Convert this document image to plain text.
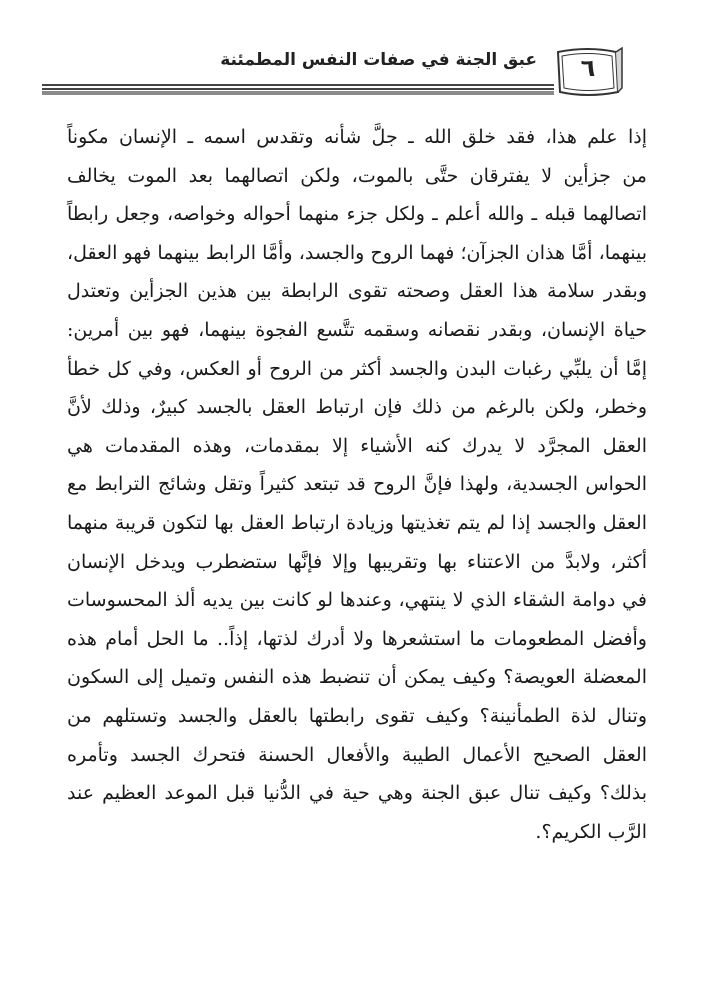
عبق الجنة في صفات النفس المطمئنة	٦
إذا علم هذا، فقد خلق الله ـ جلَّ شأنه وتقدس اسمه ـ الإنسان مكوناً
من جزأين لا يفترقان حتَّى بالموت، ولكن اتصالهما بعد الموت يخالف
اتصالهما قبله ـ والله أعلم ـ ولكل جزء منهما أحواله وخواصه، وجعل رابطاً
بينهما، أمَّا هذان الجزآن؛ فهما الروح والجسد، وأمَّا الرابط بينهما فهو العقل،
وبقدر سلامة هذا العقل وصحته تقوى الرابطة بين هذين الجزأين وتعتدل
حياة الإنسان، وبقدر نقصانه وسقمه تتَّسع الفجوة بينهما، فهو بين أمرين:
إمَّا أن يلبِّي رغبات البدن والجسد أكثر من الروح أو العكس، وفي كل خطأ
وخطر، ولكن بالرغم من ذلك فإن ارتباط العقل بالجسد كبيرٌ، وذلك لأنَّ
العقل المجرَّد لا يدرك كنه الأشياء إلا بمقدمات، وهذه المقدمات هي
الحواس الجسدية، ولهذا فإنَّ الروح قد تبتعد كثيراً وتقل وشائج الترابط مع
العقل والجسد إذا لم يتم تغذيتها وزيادة ارتباط العقل بها لتكون قريبة منهما
أكثر، ولابدَّ من الاعتناء بها وتقريبها وإلا فإنَّها ستضطرب ويدخل الإنسان
في دوامة الشقاء الذي لا ينتهي، وعندها لو كانت بين يديه ألذ المحسوسات
وأفضل المطعومات ما استشعرها ولا أدرك لذتها، إذاً.. ما الحل أمام هذه
المعضلة العويصة؟ وكيف يمكن أن تنضبط هذه النفس وتميل إلى السكون
وتنال لذة الطمأنينة؟ وكيف تقوى رابطتها بالعقل والجسد وتستلهم من
العقل الصحيح الأعمال الطيبة والأفعال الحسنة فتحرك الجسد وتأمره
بذلك؟ وكيف تنال عبق الجنة وهي حية في الدُّنيا قبل الموعد العظيم عند
الرَّب الكريم؟.
